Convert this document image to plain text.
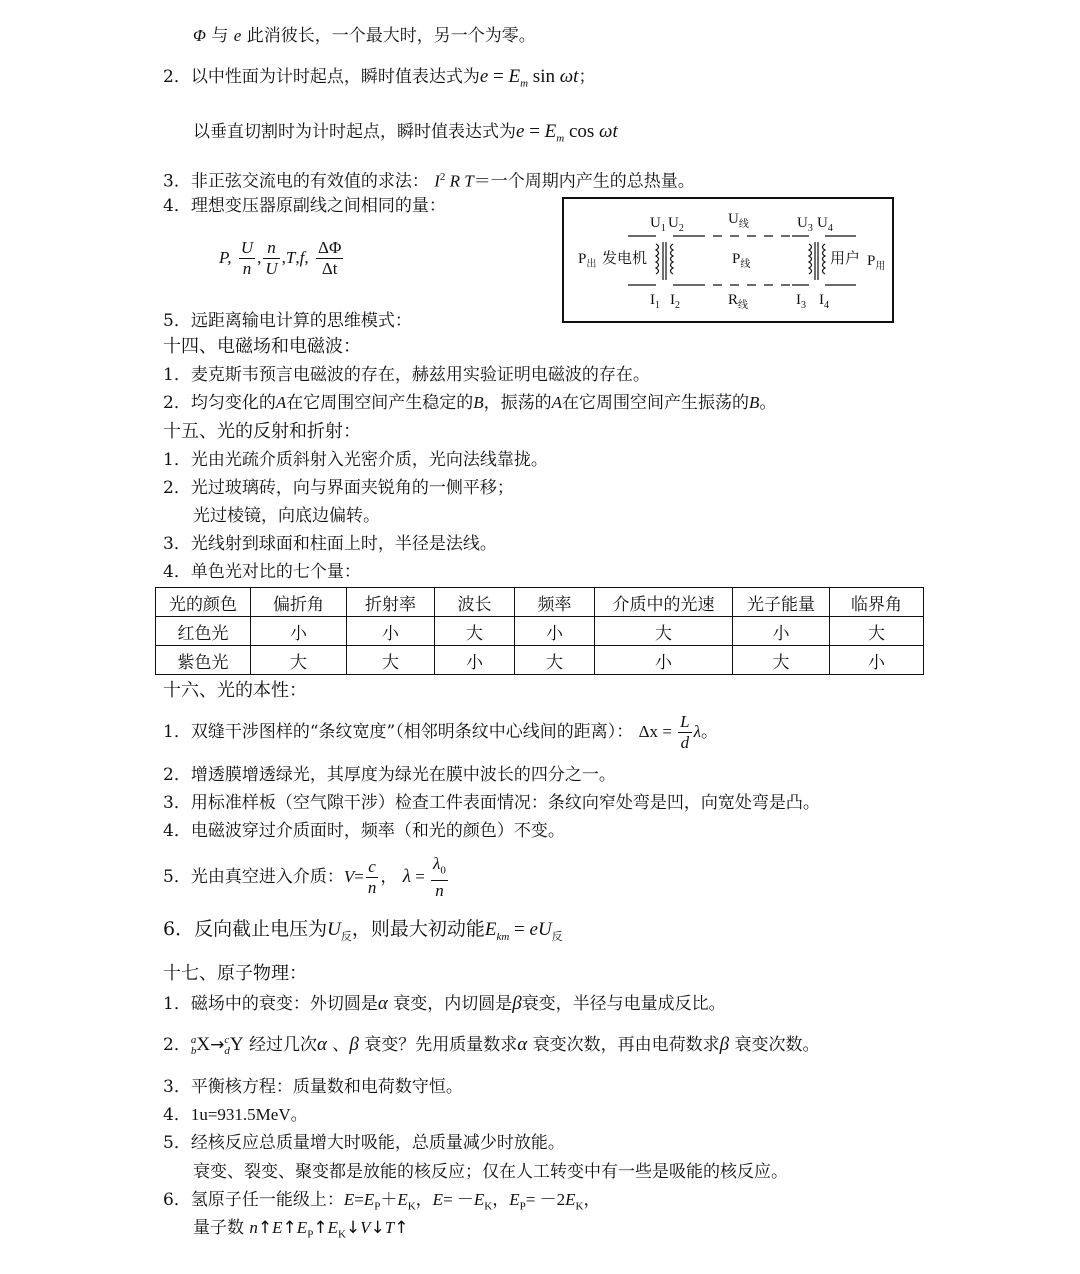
Φ 与 e 此消彼长，一个最大时，另一个为零。
2．以中性面为计时起点，瞬时值表达式为$e = E_m$ sin ωt；
以垂直切割时为计时起点，瞬时值表达式为$e = E_m$ cos ωt
3．非正弦交流电的有效值的求法： $I^2$ R T＝一个周期内产生的总热量。
4．理想变压器原副线之间相同的量：
P, $\frac{U}{n}$ , $\frac{n}{U} ,T,f$, $\frac{\Delta\Phi}{\Delta t}$
5．远距离输电计算的思维模式：
$U_1$ $U_2$
$U_线$	$U_3$ $U_4$
$P_出$ 发电机	$P_线$	用户 $P_用$
$I_1$ $I_2$	$R_线$	$I_3$ $I_4$
十四、电磁场和电磁波：
1．麦克斯韦预言电磁波的存在，赫兹用实验证明电磁波的存在。
2．均匀变化的A在它周围空间产生稳定的B，振荡的A在它周围空间产生振荡的B。
十五、光的反射和折射：
1．光由光疏介质斜射入光密介质，光向法线靠拢。
2．光过玻璃砖，向与界面夹锐角的一侧平移；
光过棱镜，向底边偏转。
3．光线射到球面和柱面上时，半径是法线。
4．单色光对比的七个量：
光的颜色	偏折角	折射率	波长	频率	介质中的光速	光子能量	临界角
红色光	小	小	大	小	大	小	大
紫色光	大	大	小	大	小	大	小
十六、光的本性：
1．双缝干涉图样的“条纹宽度”（相邻明条纹中心线间的距离）： $\Delta x = \frac{L}{d}$ λ。
2．增透膜增透绿光，其厚度为绿光在膜中波长的四分之一。
3．用标准样板（空气隙干涉）检查工件表面情况：条纹向窄处弯是凹，向宽处弯是凸。
4．电磁波穿过介质面时，频率（和光的颜色）不变。
5．光由真空进入介质：$V= \frac{c}{n}$ ， $\lambda = \frac{\lambda_0}{n}$
6．反向截止电压为$U_反$，则最大初动能$E_{km} = eU_反$
十七、原子物理：
1．磁场中的衰变：外切圆是α 衰变，内切圆是β衰变，半径与电量成反比。
2． a
b X→ c
d Y 经过几次α 、β 衰变？先用质量数求α 衰变次数，再由电荷数求β 衰变次数。
3．平衡核方程：质量数和电荷数守恒。
4．1u=931.5MeV。
5．经核反应总质量增大时吸能，总质量减少时放能。
衰变、裂变、聚变都是放能的核反应；仅在人工转变中有一些是吸能的核反应。
6．氢原子任一能级上：$E=E_P+E_K$，$E= -E_K$，$E_P= -2E_K$，
量子数 $n↑E↑E_P↑E_K↓V↓T↑$
